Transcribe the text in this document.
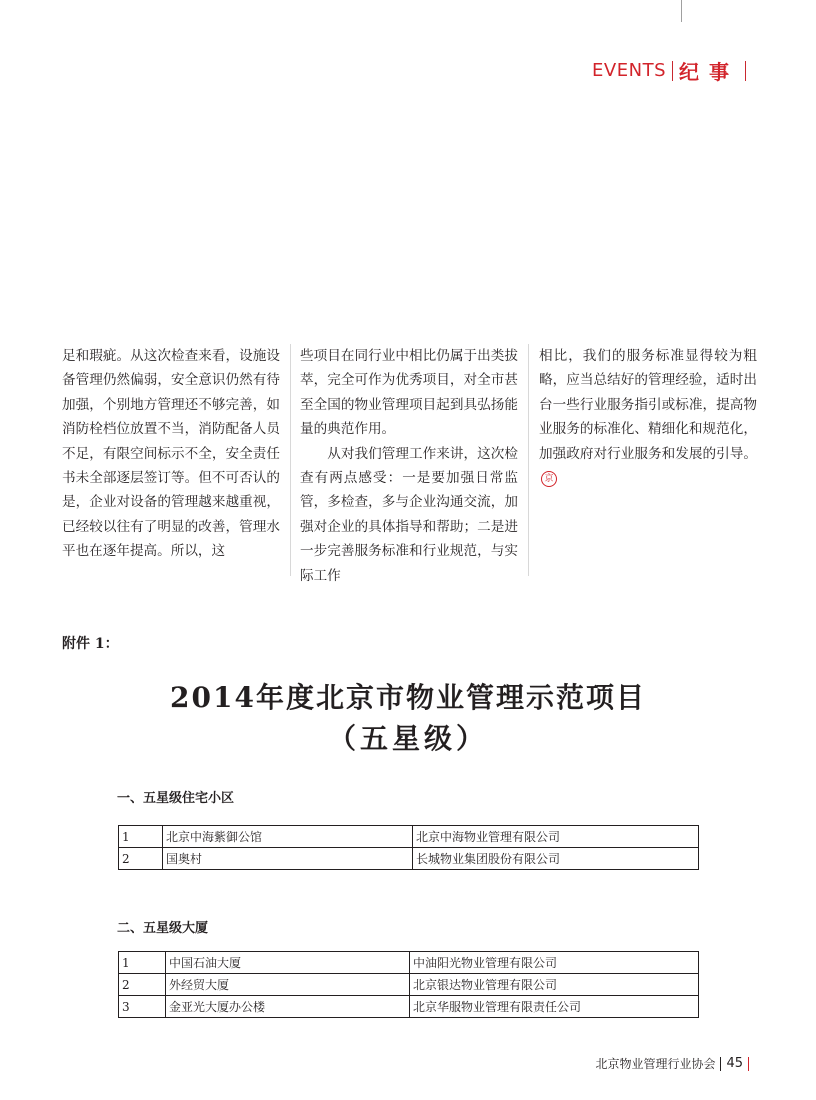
EVENTS 纪事

足和瑕疵。从这次检查来看，设施设备管理仍然偏弱，安全意识仍然有待加强，个别地方管理还不够完善，如消防栓档位放置不当，消防配备人员不足，有限空间标示不全，安全责任书未全部逐层签订等。但不可否认的是，企业对设备的管理越来越重视，已经较以往有了明显的改善，管理水平也在逐年提高。所以，这

些项目在同行业中相比仍属于出类拔萃，完全可作为优秀项目，对全市甚至全国的物业管理项目起到具弘扬能量的典范作用。

从对我们管理工作来讲，这次检查有两点感受：一是要加强日常监管，多检查，多与企业沟通交流，加强对企业的具体指导和帮助；二是进一步完善服务标准和行业规范，与实际工作

相比，我们的服务标准显得较为粗略，应当总结好的管理经验，适时出台一些行业服务指引或标准，提高物业服务的标准化、精细化和规范化，加强政府对行业服务和发展的引导。京

附件 1：
2014年度北京市物业管理示范项目
（五星级）
一、五星级住宅小区
1	北京中海紫御公馆	北京中海物业管理有限公司
2	国奥村	长城物业集团股份有限公司
二、五星级大厦
1	中国石油大厦	中油阳光物业管理有限公司
2	外经贸大厦	北京银达物业管理有限公司
3	金亚光大厦办公楼	北京华服物业管理有限责任公司
北京物业管理行业协会 45
